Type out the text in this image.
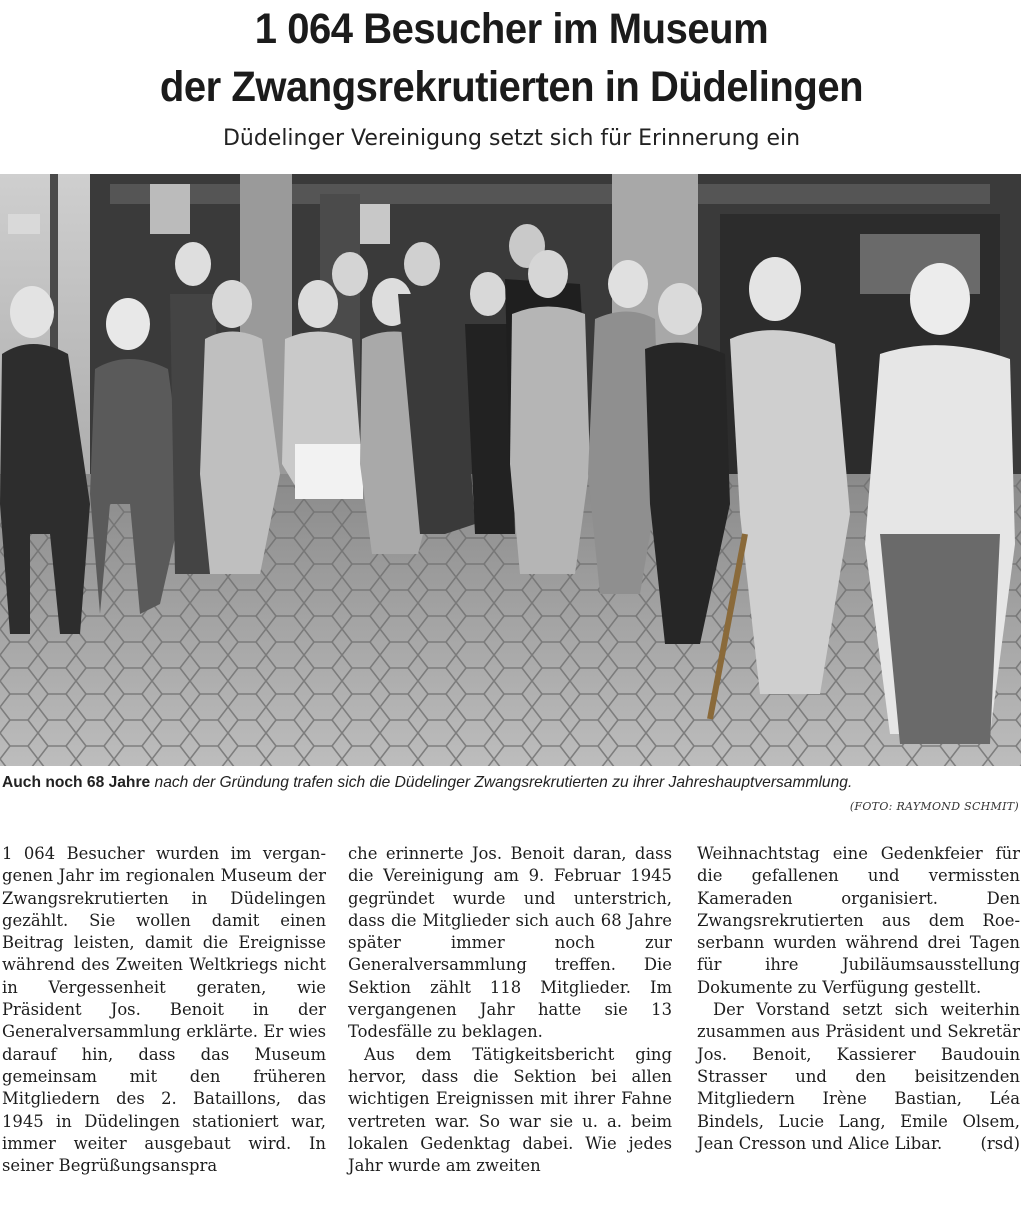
1 064 Besucher im Museum
der Zwangsrekrutierten in Düdelingen
Düdelinger Vereinigung setzt sich für Erinnerung ein
Auch noch 68 Jahre nach der Gründung trafen sich die Düdelinger Zwangsrekrutierten zu ihrer Jahreshauptversammlung.
(FOTO: RAYMOND SCHMIT)

1 064 Besucher wurden im vergangenen Jahr im regionalen Museum der Zwangsrekrutierten in Düdelingen gezählt. Sie wollen damit einen Beitrag leisten, damit die Ereignisse während des Zweiten Weltkriegs nicht in Vergessenheit geraten, wie Präsident Jos. Benoit in der Generalversammlung erklärte. Er wies darauf hin, dass das Museum gemeinsam mit den früheren Mitgliedern des 2. Bataillons, das 1945 in Düdelingen stationiert war, immer weiter ausgebaut wird. In seiner Begrüßungsanspra

che erinnerte Jos. Benoit daran, dass die Vereinigung am 9. Februar 1945 gegründet wurde und unterstrich, dass die Mitglieder sich auch 68 Jahre später immer noch zur Generalversammlung treffen. Die Sektion zählt 118 Mitglieder. Im vergangenen Jahr hatte sie 13 Todesfälle zu beklagen.

Aus dem Tätigkeitsbericht ging hervor, dass die Sektion bei allen wichtigen Ereignissen mit ihrer Fahne vertreten war. So war sie u. a. beim lokalen Gedenktag dabei. Wie jedes Jahr wurde am zweiten

Weihnachtstag eine Gedenkfeier für die gefallenen und vermissten Kameraden organisiert. Den Zwangsrekrutierten aus dem Roeserbann wurden während drei Tagen für ihre Jubiläumsausstellung Dokumente zu Verfügung gestellt.

Der Vorstand setzt sich weiterhin zusammen aus Präsident und Sekretär Jos. Benoit, Kassierer Baudouin Strasser und den beisitzenden Mitgliedern Irène Bastian, Léa Bindels, Lucie Lang, Emile Olsem, Jean Cresson und Alice Libar.	(rsd)
